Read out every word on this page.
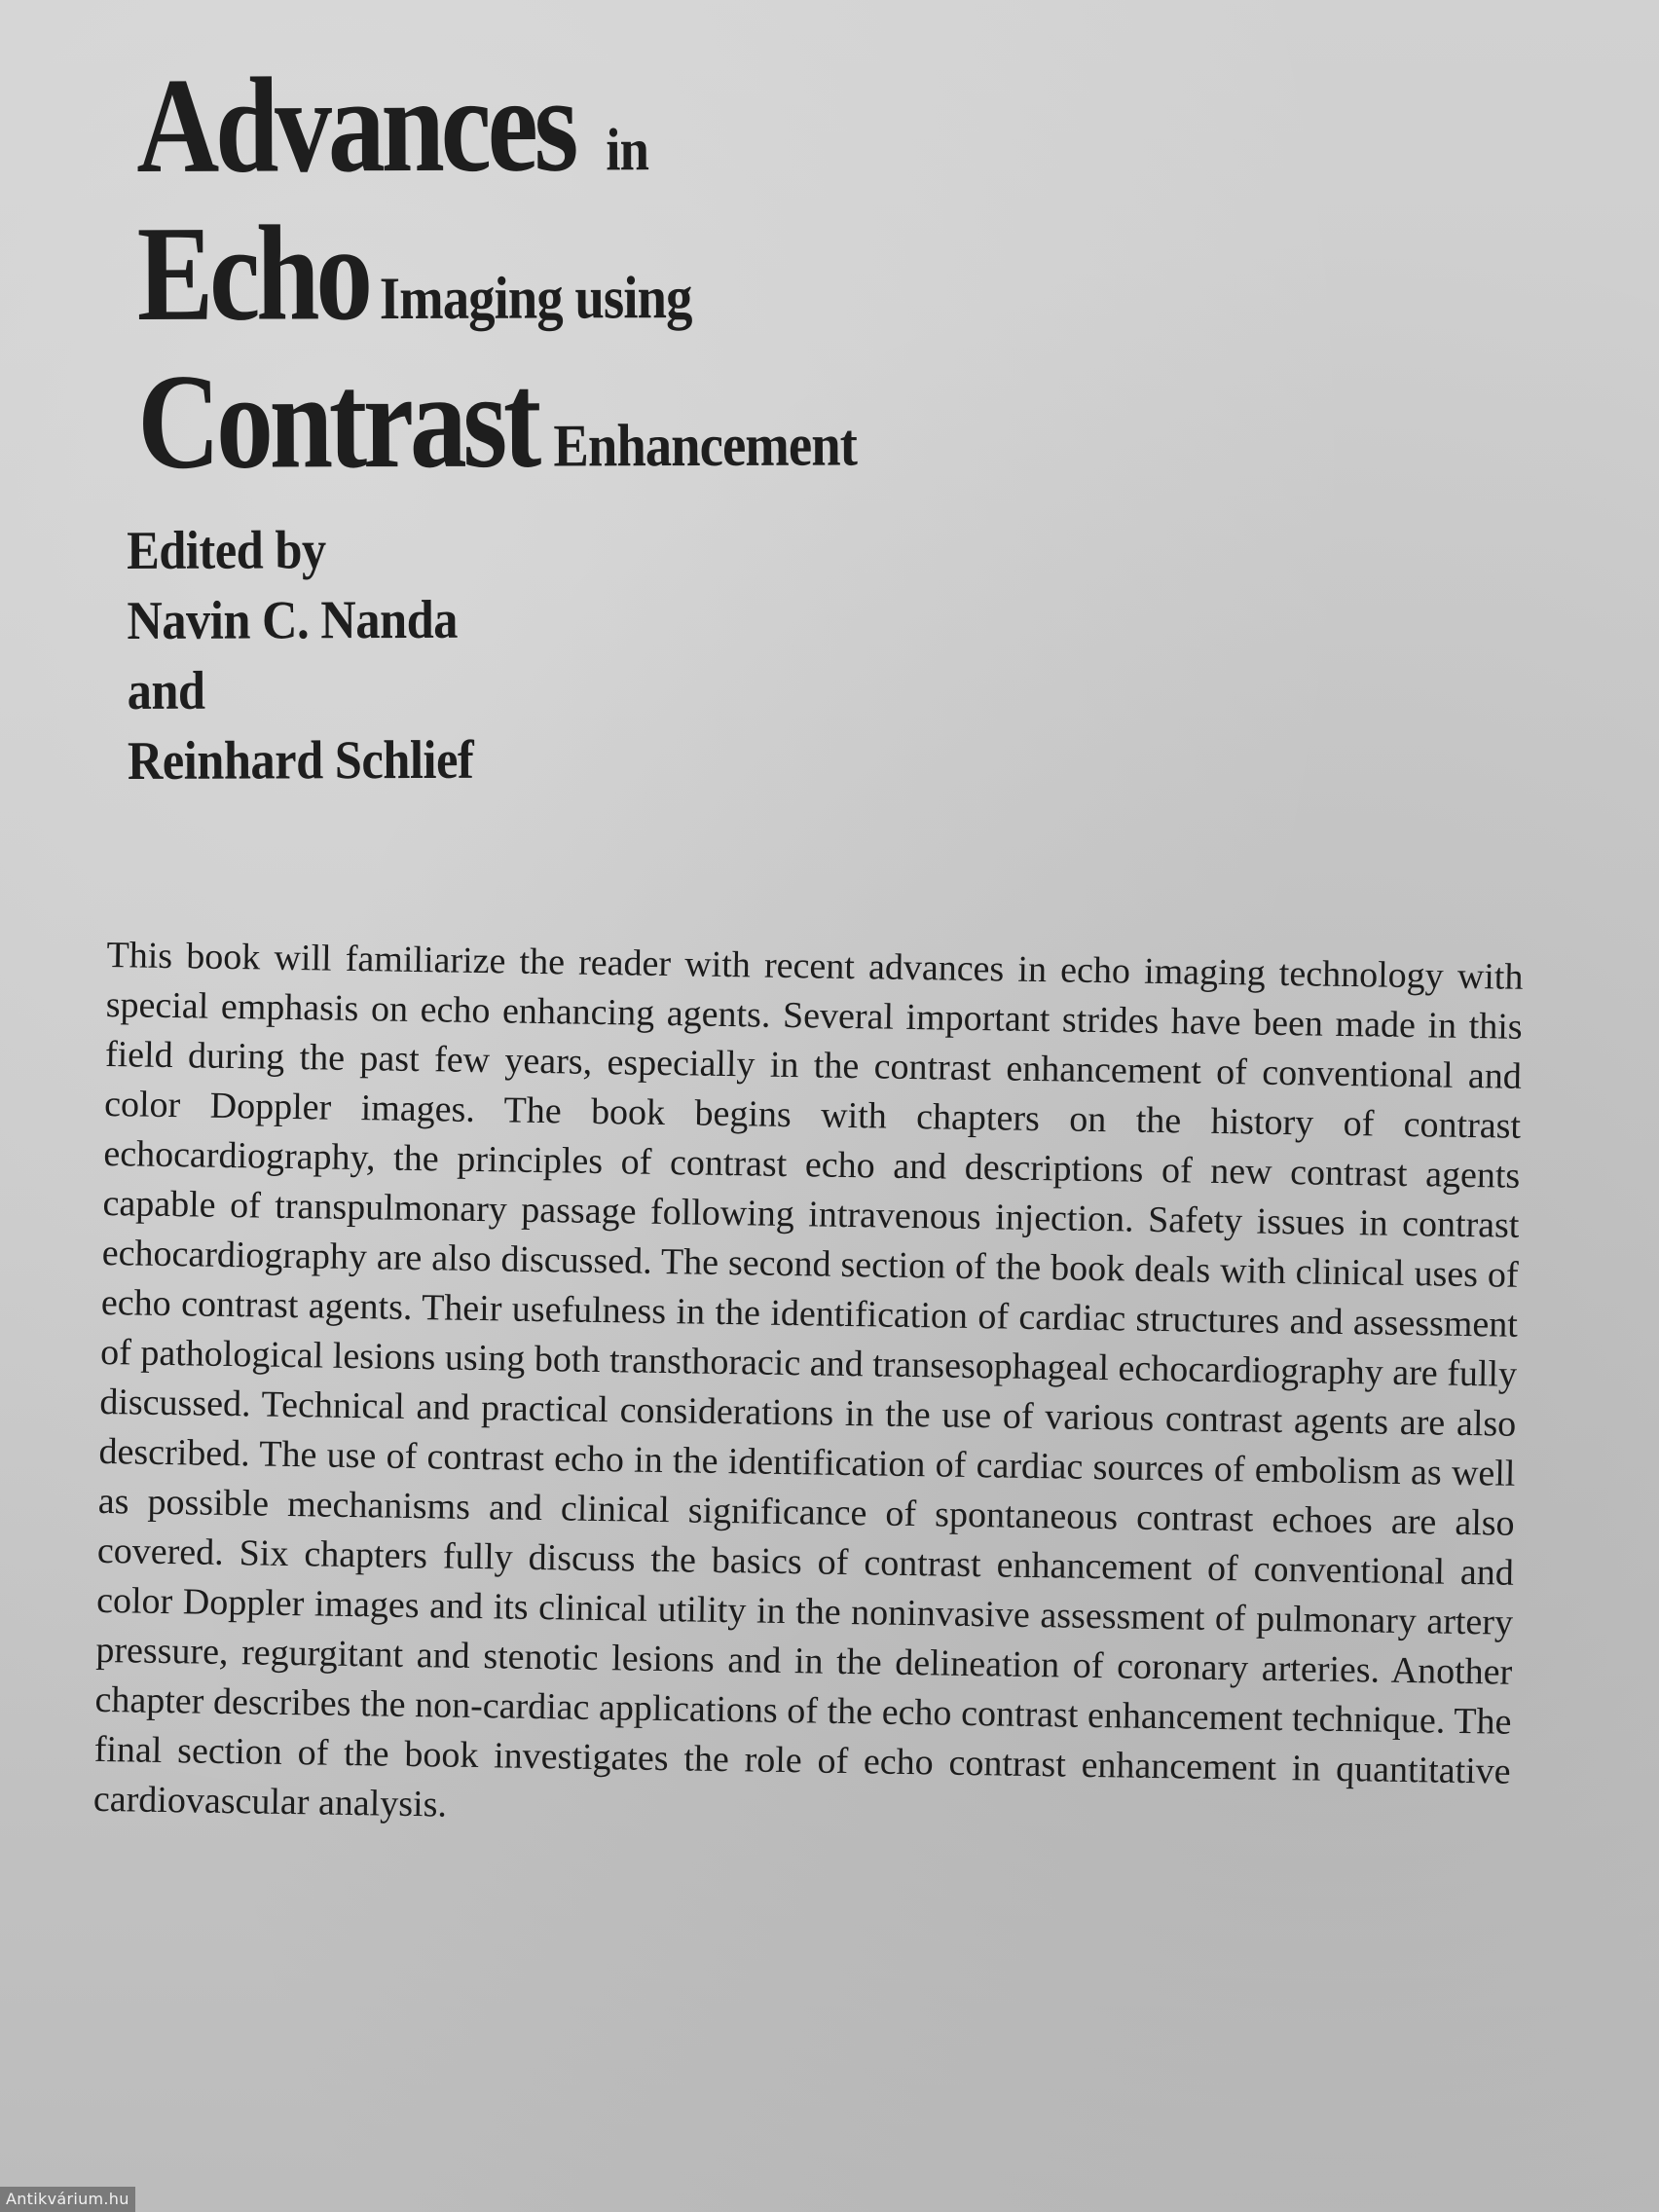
Advances in
Echo Imaging using
Contrast Enhancement
Edited by
Navin C. Nanda
and
Reinhard Schlief

This book will familiarize the reader with recent advances in echo imaging technology with special emphasis on echo enhancing agents. Several important strides have been made in this field during the past few years, especially in the contrast enhancement of conventional and color Doppler images. The book begins with chapters on the history of contrast echocardiography, the principles of contrast echo and descriptions of new contrast agents capable of transpulmonary passage following intravenous injection. Safety issues in contrast echocardiography are also discussed. The second section of the book deals with clinical uses of echo contrast agents. Their usefulness in the identification of cardiac structures and assessment of pathological lesions using both transthoracic and transesophageal echocardiography are fully discussed. Technical and practical considerations in the use of various contrast agents are also described. The use of contrast echo in the identification of cardiac sources of embolism as well as possible mechanisms and clinical significance of spontaneous contrast echoes are also covered. Six chapters fully discuss the basics of contrast enhancement of conventional and color Doppler images and its clinical utility in the noninvasive assessment of pulmonary artery pressure, regurgitant and stenotic lesions and in the delineation of coronary arteries. Another chapter describes the non-cardiac applications of the echo contrast enhancement technique. The final section of the book investigates the role of echo contrast enhancement in quantitative cardiovascular analysis.

Antikvárium.hu
